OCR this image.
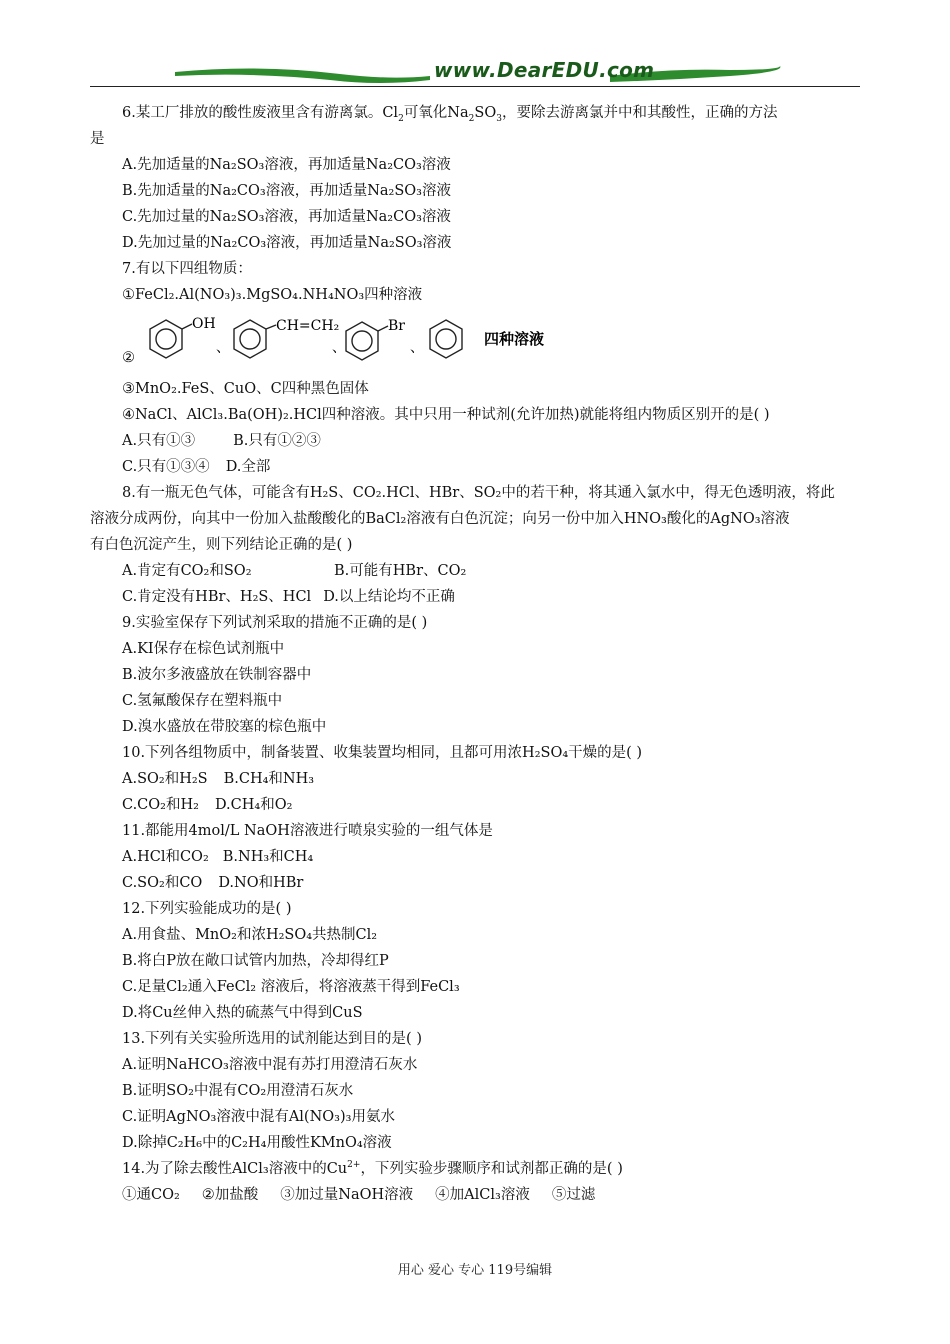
www.DearEDU.com
6.某工厂排放的酸性废液里含有游离氯。$Cl_2$可氧化$Na_2SO_3$，要除去游离氯并中和其酸性，正确的方法
是
A.先加适量的Na₂SO₃溶液，再加适量Na₂CO₃溶液
B.先加适量的Na₂CO₃溶液，再加适量Na₂SO₃溶液
C.先加过量的Na₂SO₃溶液，再加适量Na₂CO₃溶液
D.先加过量的Na₂CO₃溶液，再加适量Na₂SO₃溶液
7.有以下四组物质：
①FeCl₂.Al(NO₃)₃.MgSO₄.NH₄NO₃四种溶液
OH
、
CH=CH₂
、
Br
、	四种溶液
②
③MnO₂.FeS、CuO、C四种黑色固体
④NaCl、AlCl₃.Ba(OH)₂.HCl四种溶液。其中只用一种试剂(允许加热)就能将组内物质区别开的是( )
A.只有①③	B.只有①②③
C.只有①③④ D.全部
8.有一瓶无色气体，可能含有H₂S、CO₂.HCl、HBr、SO₂中的若干种，将其通入氯水中，得无色透明液，将此
溶液分成两份，向其中一份加入盐酸酸化的BaCl₂溶液有白色沉淀；向另一份中加入HNO₃酸化的AgNO₃溶液
有白色沉淀产生，则下列结论正确的是( )
A.肯定有CO₂和SO₂	B.可能有HBr、CO₂
C.肯定没有HBr、H₂S、HCl D.以上结论均不正确
9.实验室保存下列试剂采取的措施不正确的是( )
A.KI保存在棕色试剂瓶中
B.波尔多液盛放在铁制容器中
C.氢氟酸保存在塑料瓶中
D.溴水盛放在带胶塞的棕色瓶中
10.下列各组物质中，制备装置、收集装置均相同，且都可用浓H₂SO₄干燥的是( )
A.SO₂和H₂S B.CH₄和NH₃
C.CO₂和H₂ D.CH₄和O₂
11.都能用4mol/L NaOH溶液进行喷泉实验的一组气体是
A.HCl和CO₂ B.NH₃和CH₄
C.SO₂和CO D.NO和HBr
12.下列实验能成功的是( )
A.用食盐、MnO₂和浓H₂SO₄共热制Cl₂
B.将白P放在敞口试管内加热，冷却得红P
C.足量Cl₂通入FeCl₂ 溶液后，将溶液蒸干得到FeCl₃
D.将Cu丝伸入热的硫蒸气中得到CuS
13.下列有关实验所选用的试剂能达到目的是( )
A.证明NaHCO₃溶液中混有苏打用澄清石灰水
B.证明SO₂中混有CO₂用澄清石灰水
C.证明AgNO₃溶液中混有Al(NO₃)₃用氨水
D.除掉C₂H₆中的C₂H₄用酸性KMnO₄溶液
14.为了除去酸性AlCl₃溶液中的$Cu^{2+}$，下列实验步骤顺序和试剂都正确的是( )
①通CO₂ ②加盐酸 ③加过量NaOH溶液 ④加AlCl₃溶液 ⑤过滤
用心 爱心 专心 119号编辑
